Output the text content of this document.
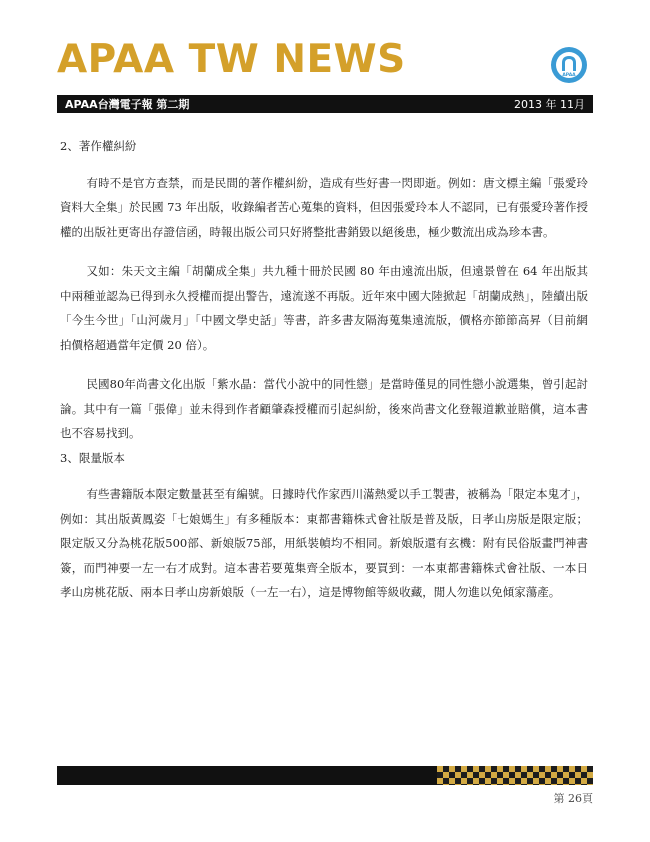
APAA TW NEWS	APAA
APAA台灣電子報 第二期	2013 年 11月

2、著作權糾紛

有時不是官方查禁，而是民間的著作權糾紛，造成有些好書一閃即逝。例如：唐文標主編「張愛玲資料大全集」於民國 73 年出版，收錄編者苦心蒐集的資料，但因張愛玲本人不認同，已有張愛玲著作授權的出版社更寄出存證信函，時報出版公司只好將整批書銷毀以絕後患，極少數流出成為珍本書。

又如：朱天文主編「胡蘭成全集」共九種十冊於民國 80 年由遠流出版，但遠景曾在 64 年出版其中兩種並認為已得到永久授權而提出警告，遠流遂不再版。近年來中國大陸掀起「胡蘭成熱」，陸續出版「今生今世」「山河歲月」「中國文學史話」等書，許多書友隔海蒐集遠流版，價格亦節節高昇（目前網拍價格超過當年定價 20 倍）。

民國80年尚書文化出版「紫水晶：當代小說中的同性戀」是當時僅見的同性戀小說選集，曾引起討論。其中有一篇「張偉」並未得到作者顧肇森授權而引起糾紛，後來尚書文化登報道歉並賠償，這本書也不容易找到。

3、限量版本

有些書籍版本限定數量甚至有編號。日據時代作家西川滿熱愛以手工製書，被稱為「限定本鬼才」，例如：其出版黃鳳姿「七娘媽生」有多種版本：東都書籍株式會社版是普及版，日孝山房版是限定版；限定版又分為桃花版500部、新娘版75部，用紙裝幀均不相同。新娘版還有玄機：附有民俗版畫門神書簽，而門神要一左一右才成對。這本書若要蒐集齊全版本，要買到：一本東都書籍株式會社版、一本日孝山房桃花版、兩本日孝山房新娘版（一左一右），這是博物館等級收藏，閒人勿進以免傾家蕩產。

第 26頁
